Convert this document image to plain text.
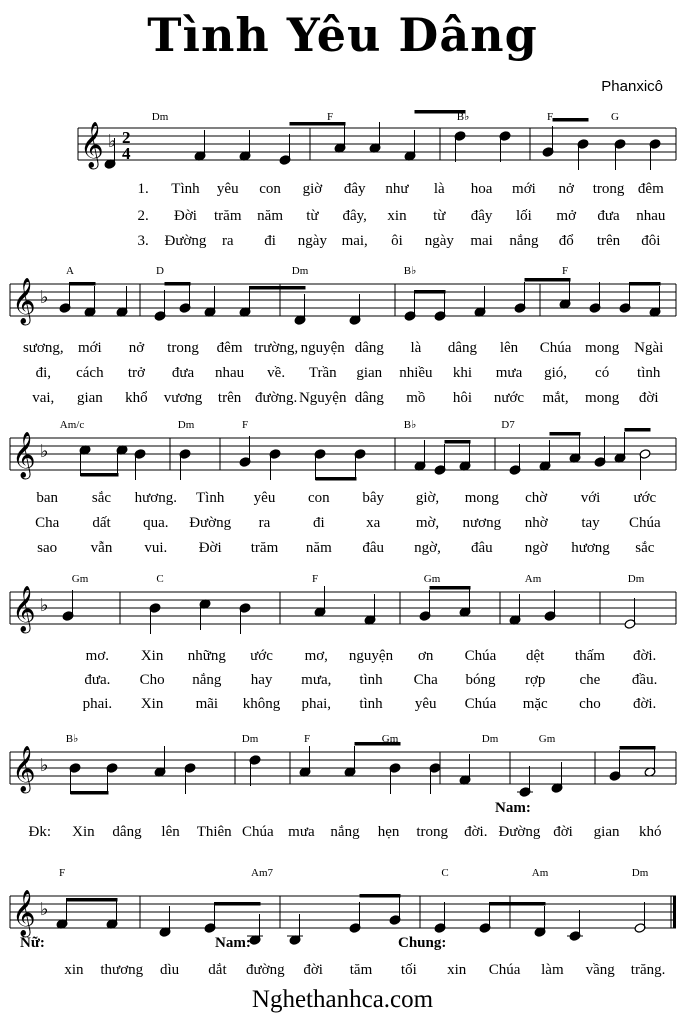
Tình Yêu Dâng
Phanxicô
𝄞 ♭ 2
4
Dm	F	B♭	F	G
1. Tình yêu con giờ đây như là hoa mới nở trong đêm
2. Đời trăm năm từ đây, xin từ đây lối mở đưa nhau
3. Đường ra đi ngày mai, ôi ngày mai nắng đổ trên đôi
𝄞 ♭
A	D	Dm	B♭	F
sương, mới nở trong đêm trường, nguyện dâng là dâng lên Chúa mong Ngài
đi, cách trở đưa nhau về. Trần gian nhiều khi mưa gió, có tình
vai, gian khổ vương trên đường. Nguyện dâng mồ hôi nước mắt, mong đời
𝄞 ♭
Am/c	Dm	F	B♭	D7
ban sắc hương. Tình yêu con bây giờ, mong chờ với ước
Cha dất qua. Đường ra	đi	xa mờ, nương nhờ tay Chúa
sao vẫn vui. Đời trăm năm đâu ngờ, đâu ngờ hương sắc
𝄞 ♭
Gm	C	F	Gm	Am	Dm
mơ. Xin những ước mơ, nguyện ơn Chúa dệt thấm đời.
đưa. Cho nắng hay mưa, tình Cha bóng rợp che đầu.
phai. Xin mãi không phai, tình yêu Chúa mặc cho đời.
𝄞 ♭
B♭	Dm	F	Gm	Dm	Gm
Nam:
Đk: Xin dâng lên Thiên Chúa mưa nắng hẹn trong đời. Đường đời gian khó
𝄞 ♭
F	Am7	C	Am	Dm
Nữ:	Nam:	Chung:
xin thương dìu dắt đường đời tăm tối xin Chúa làm vầng trăng.
Nghethanhca.com
